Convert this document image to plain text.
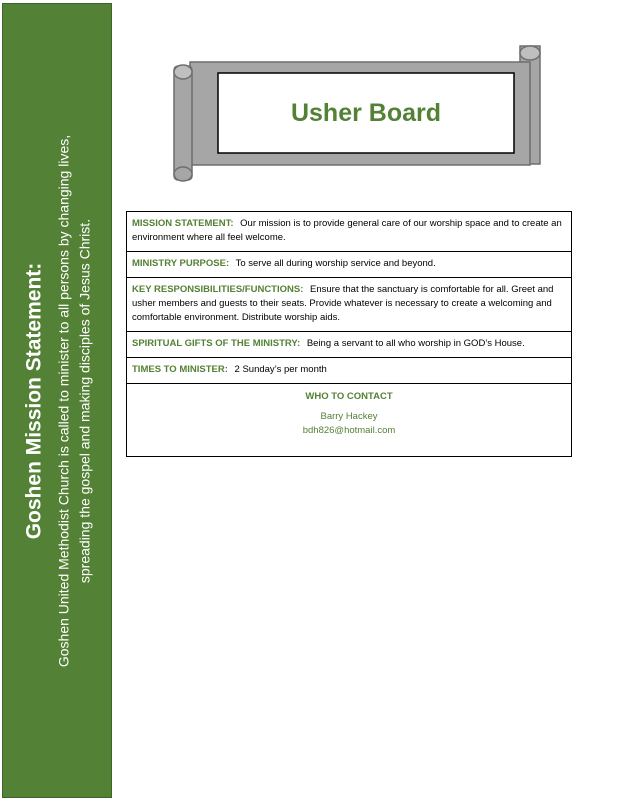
Goshen Mission Statement: Goshen United Methodist Church is called to minister to all persons by changing lives, spreading the gospel and making disciples of Jesus Christ.
Usher Board
MISSION STATEMENT: Our mission is to provide general care of our worship space and to create an environment where all feel welcome.
MINISTRY PURPOSE: To serve all during worship service and beyond.
KEY RESPONSIBILITIES/FUNCTIONS: Ensure that the sanctuary is comfortable for all. Greet and usher members and guests to their seats. Provide whatever is necessary to create a welcoming and comfortable environment. Distribute worship aids.
SPIRITUAL GIFTS OF THE MINISTRY: Being a servant to all who worship in GOD’s House.
TIMES TO MINISTER: 2 Sunday’s per month
WHO TO CONTACT
Barry Hackey
bdh826@hotmail.com
